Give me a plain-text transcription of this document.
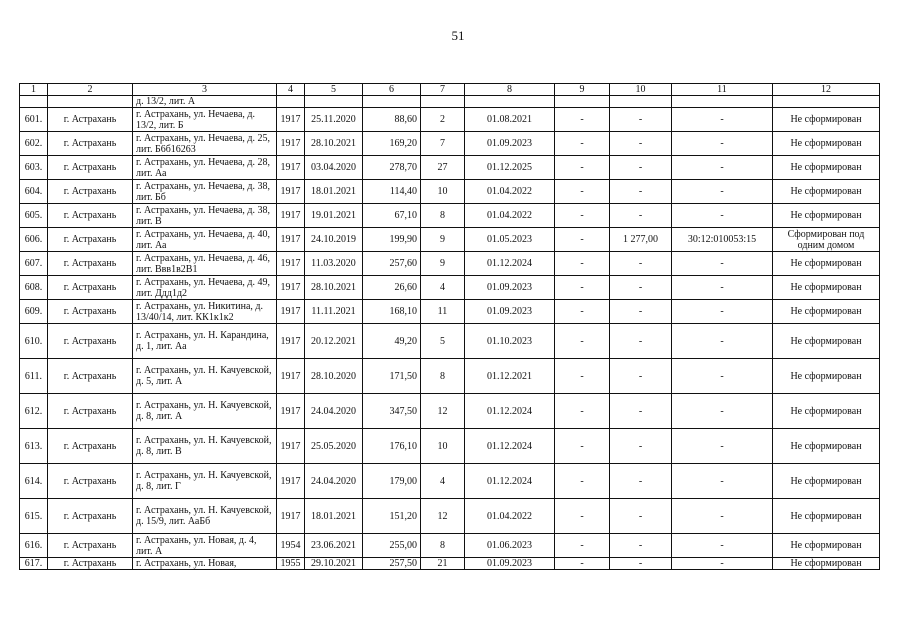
51
1	2	3	4	5	6	7	8	9	10	11	12
		д. 13/2, лит. А									
601.	г. Астрахань	г. Астрахань, ул. Нечаева, д. 13/2, лит. Б	1917	25.11.2020	88,60	2	01.08.2021	-	-	-	Не сформирован
602.	г. Астрахань	г. Астрахань, ул. Нечаева, д. 25, лит. Б6б16263	1917	28.10.2021	169,20	7	01.09.2023	-	-	-	Не сформирован
603.	г. Астрахань	г. Астрахань, ул. Нечаева, д. 28, лит. Аа	1917	03.04.2020	278,70	27	01.12.2025	-	-	-	Не сформирован
604.	г. Астрахань	г. Астрахань, ул. Нечаева, д. 38, лит. Бб	1917	18.01.2021	114,40	10	01.04.2022	-	-	-	Не сформирован
605.	г. Астрахань	г. Астрахань, ул. Нечаева, д. 38, лит. В	1917	19.01.2021	67,10	8	01.04.2022	-	-	-	Не сформирован
606.	г. Астрахань	г. Астрахань, ул. Нечаева, д. 40, лит. Аа	1917	24.10.2019	199,90	9	01.05.2023	-	1 277,00	30:12:010053:15	Сформирован под одним домом
607.	г. Астрахань	г. Астрахань, ул. Нечаева, д. 46, лит. Ввв1в2В1	1917	11.03.2020	257,60	9	01.12.2024	-	-	-	Не сформирован
608.	г. Астрахань	г. Астрахань, ул. Нечаева, д. 49, лит. Ддд1д2	1917	28.10.2021	26,60	4	01.09.2023	-	-	-	Не сформирован
609.	г. Астрахань	г. Астрахань, ул. Никитина, д. 13/40/14, лит. КК1к1к2	1917	11.11.2021	168,10	11	01.09.2023	-	-	-	Не сформирован
610.	г. Астрахань	г. Астрахань, ул. Н. Карандина, д. 1, лит. Аа	1917	20.12.2021	49,20	5	01.10.2023	-	-	-	Не сформирован
611.	г. Астрахань	г. Астрахань, ул. Н. Качуевской, д. 5, лит. А	1917	28.10.2020	171,50	8	01.12.2021	-	-	-	Не сформирован
612.	г. Астрахань	г. Астрахань, ул. Н. Качуевской, д. 8, лит. А	1917	24.04.2020	347,50	12	01.12.2024	-	-	-	Не сформирован
613.	г. Астрахань	г. Астрахань, ул. Н. Качуевской, д. 8, лит. В	1917	25.05.2020	176,10	10	01.12.2024	-	-	-	Не сформирован
614.	г. Астрахань	г. Астрахань, ул. Н. Качуевской, д. 8, лит. Г	1917	24.04.2020	179,00	4	01.12.2024	-	-	-	Не сформирован
615.	г. Астрахань	г. Астрахань, ул. Н. Качуевской, д. 15/9, лит. АаБб	1917	18.01.2021	151,20	12	01.04.2022	-	-	-	Не сформирован
616.	г. Астрахань	г. Астрахань, ул. Новая, д. 4, лит. А	1954	23.06.2021	255,00	8	01.06.2023	-	-	-	Не сформирован
617.	г. Астрахань	г. Астрахань, ул. Новая,	1955	29.10.2021	257,50	21	01.09.2023	-	-	-	Не сформирован
